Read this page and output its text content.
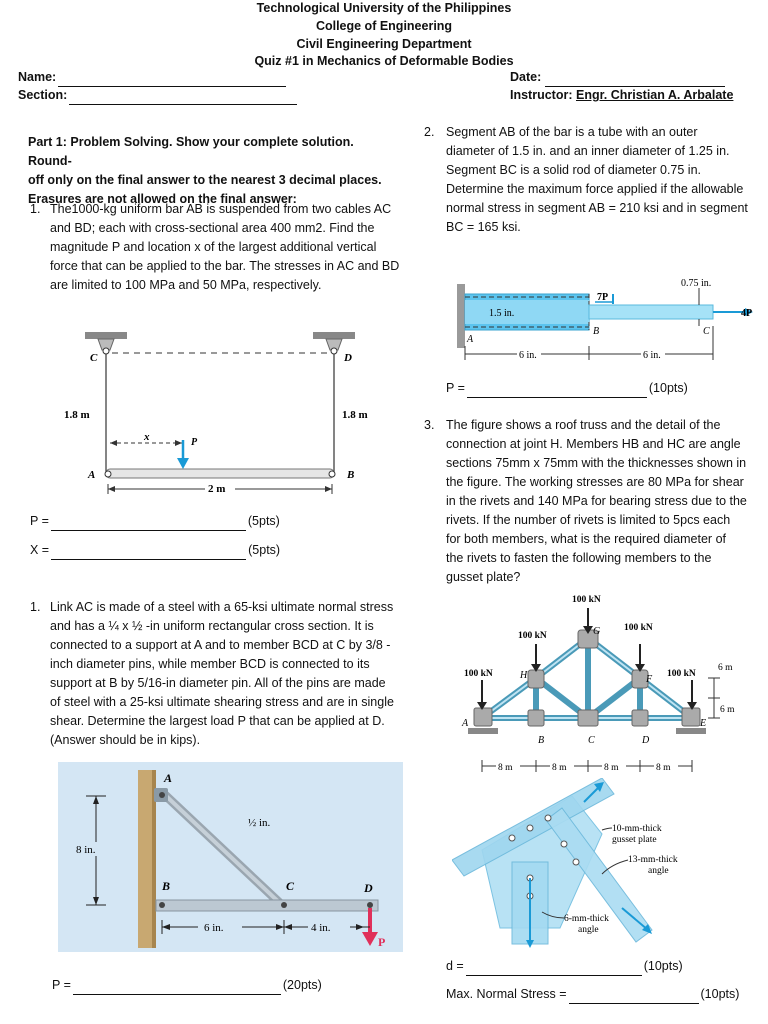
Technological University of the Philippines
College of Engineering
Civil Engineering Department
Quiz #1 in Mechanics of Deformable Bodies
Name:
Section:
Date:
Instructor: Engr. Christian A. Arbalate
Part 1: Problem Solving. Show your complete solution. Round-
off only on the final answer to the nearest 3 decimal places.
Erasures are not allowed on the final answer:
1. The1000-kg uniform bar AB is suspended from two cables AC
and BD; each with cross-sectional area 400 mm2. Find the
magnitude P and location x of the largest additional vertical
force that can be applied to the bar. The stresses in AC and BD
are limited to 100 MPa and 50 MPa, respectively.
C	D
A	B
1.8 m	1.8 m
x	P
2 m
P =	(5pts)
X =	(5pts)
1. Link AC is made of a steel with a 65-ksi ultimate normal stress
and has a ¼ x ½ -in uniform rectangular cross section. It is
connected to a support at A and to member BCD at C by 3/8 -
inch diameter pins, while member BCD is connected to its
support at B by 5/16-in diameter pin. All of the pins are made
of steel with a 25-ksi ultimate shearing stress and are in single
shear. Determine the largest load P that can be applied at D.
(Answer should be in kips).
A
B	C	D
8 in.
½ in.
6 in.	4 in.
P
P =	(20pts)
2. Segment AB of the bar is a tube with an outer
diameter of 1.5 in. and an inner diameter of 1.25 in.
Segment BC is a solid rod of diameter 0.75 in.
Determine the maximum force applied if the allowable
normal stress in segment AB = 210 ksi and in segment
BC = 165 ksi.
0.75 in.
7P
4P
1.5 in.
A
B	C
6 in.	6 in.
P =	(10pts)
3. The figure shows a roof truss and the detail of the
connection at joint H. Members HB and HC are angle
sections 75mm x 75mm with the thicknesses shown in
the figure. The working stresses are 80 MPa for shear
in the rivets and 140 MPa for bearing stress due to the
rivets. If the number of rivets is limited to 5pcs each
for both members, what is the required diameter of
the rivets to fasten the following members to the
gusset plate?
100 kN
100 kN
100 kN
100 kN	100 kN
G
H	F
A
B	C	D
E
6 m
6 m
8 m	8 m	8 m	8 m
10-mm-thick
gusset plate
13-mm-thick
angle
6-mm-thick
angle
d =	(10pts)
Max. Normal Stress =	(10pts)
